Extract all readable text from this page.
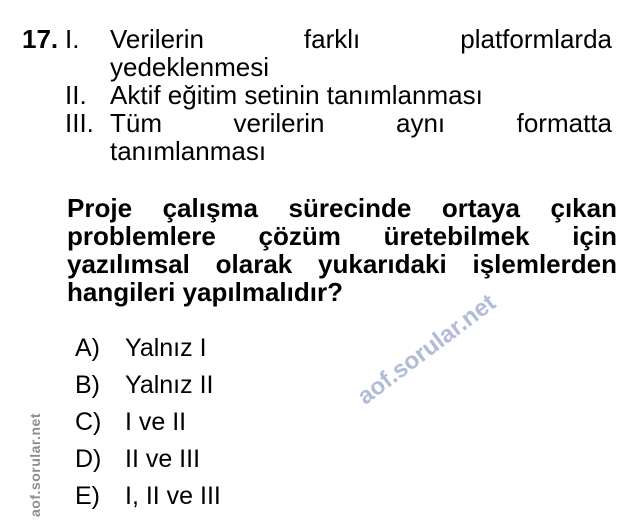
17. I.	Verilerin farklı platformlarda
yedeklenmesi
II. Aktif eğitim setinin tanımlanması
III. Tüm verilerin aynı formatta
tanımlanması
Proje çalışma sürecinde ortaya çıkan
problemlere çözüm üretebilmek için
yazılımsal olarak yukarıdaki işlemlerden
hangileri yapılmalıdır?
A)	Yalnız I
B)	Yalnız II
C) I ve II
D) II ve III
E)	I, II ve III
aof.sorular.net
aof.sorular.net
